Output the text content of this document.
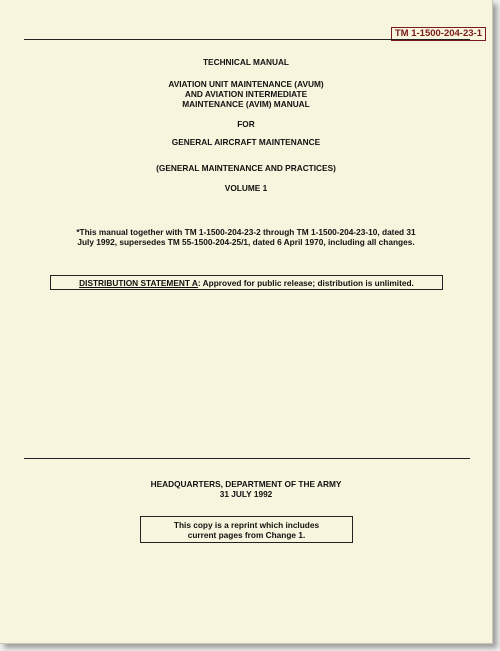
TM 1-1500-204-23-1
TECHNICAL MANUAL
AVIATION UNIT MAINTENANCE (AVUM)
AND AVIATION INTERMEDIATE
MAINTENANCE (AVIM) MANUAL
FOR
GENERAL AIRCRAFT MAINTENANCE
(GENERAL MAINTENANCE AND PRACTICES)
VOLUME 1
*This manual together with TM 1-1500-204-23-2 through TM 1-1500-204-23-10, dated 31
July 1992, supersedes TM 55-1500-204-25/1, dated 6 April 1970, including all changes.
DISTRIBUTION STATEMENT A: Approved for public release; distribution is unlimited.
HEADQUARTERS, DEPARTMENT OF THE ARMY
31 JULY 1992
This copy is a reprint which includes
current pages from Change 1.
